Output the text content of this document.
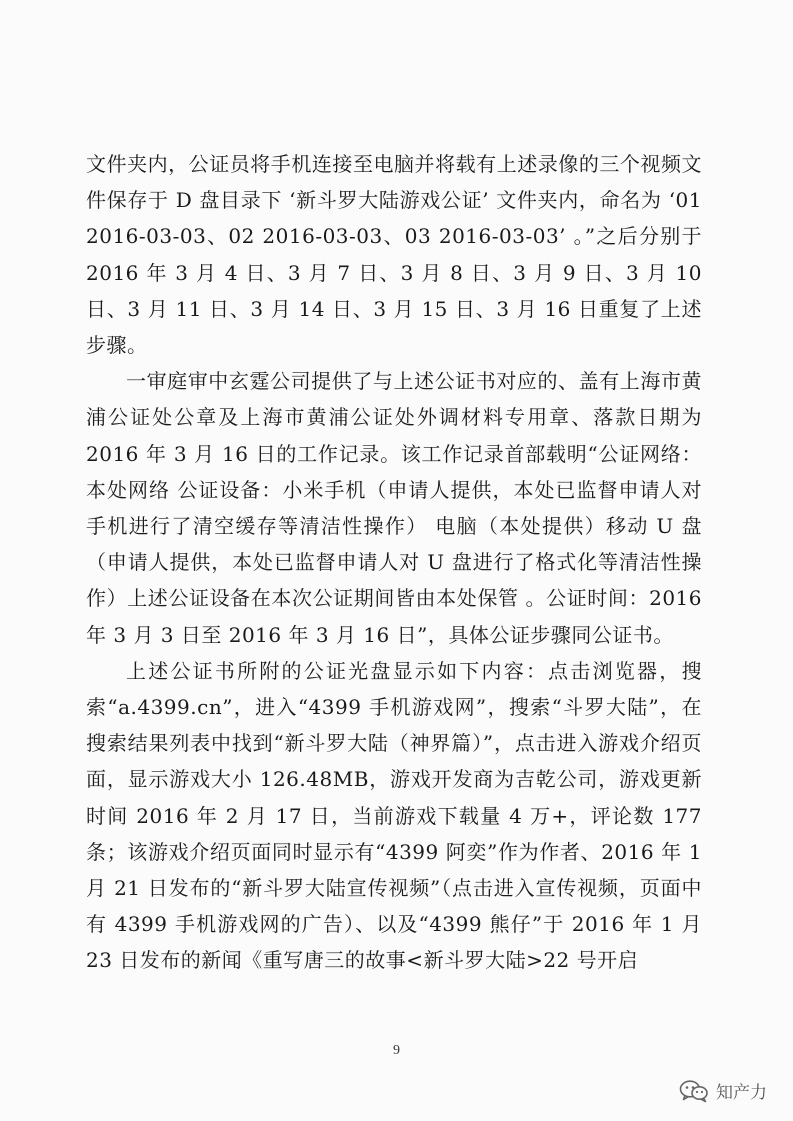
文件夹内，公证员将手机连接至电脑并将载有上述录像的三个视频文件保存于 D 盘目录下 ‘新斗罗大陆游戏公证’ 文件夹内，命名为 ‘01 2016-03-03、02 2016-03-03、03 2016-03-03’ 。”之后分别于 2016 年 3 月 4 日、3 月 7 日、3 月 8 日、3 月 9 日、3 月 10 日、3 月 11 日、3 月 14 日、3 月 15 日、3 月 16 日重复了上述步骤。

一审庭审中玄霆公司提供了与上述公证书对应的、盖有上海市黄浦公证处公章及上海市黄浦公证处外调材料专用章、落款日期为 2016 年 3 月 16 日的工作记录。该工作记录首部载明“公证网络：本处网络 公证设备：小米手机（申请人提供，本处已监督申请人对手机进行了清空缓存等清洁性操作） 电脑（本处提供）移动 U 盘（申请人提供，本处已监督申请人对 U 盘进行了格式化等清洁性操作）上述公证设备在本次公证期间皆由本处保管 。公证时间：2016 年 3 月 3 日至 2016 年 3 月 16 日”，具体公证步骤同公证书。

上述公证书所附的公证光盘显示如下内容：点击浏览器，搜索“a.4399.cn”，进入“4399 手机游戏网”，搜索“斗罗大陆”，在搜索结果列表中找到“新斗罗大陆（神界篇）”，点击进入游戏介绍页面，显示游戏大小 126.48MB，游戏开发商为吉乾公司，游戏更新时间 2016 年 2 月 17 日，当前游戏下载量 4 万+，评论数 177 条；该游戏介绍页面同时显示有“4399 阿奕”作为作者、2016 年 1 月 21 日发布的“新斗罗大陆宣传视频”（点击进入宣传视频，页面中有 4399 手机游戏网的广告）、以及“4399 熊仔”于 2016 年 1 月 23 日发布的新闻《重写唐三的故事<新斗罗大陆>22 号开启

9
知产力
